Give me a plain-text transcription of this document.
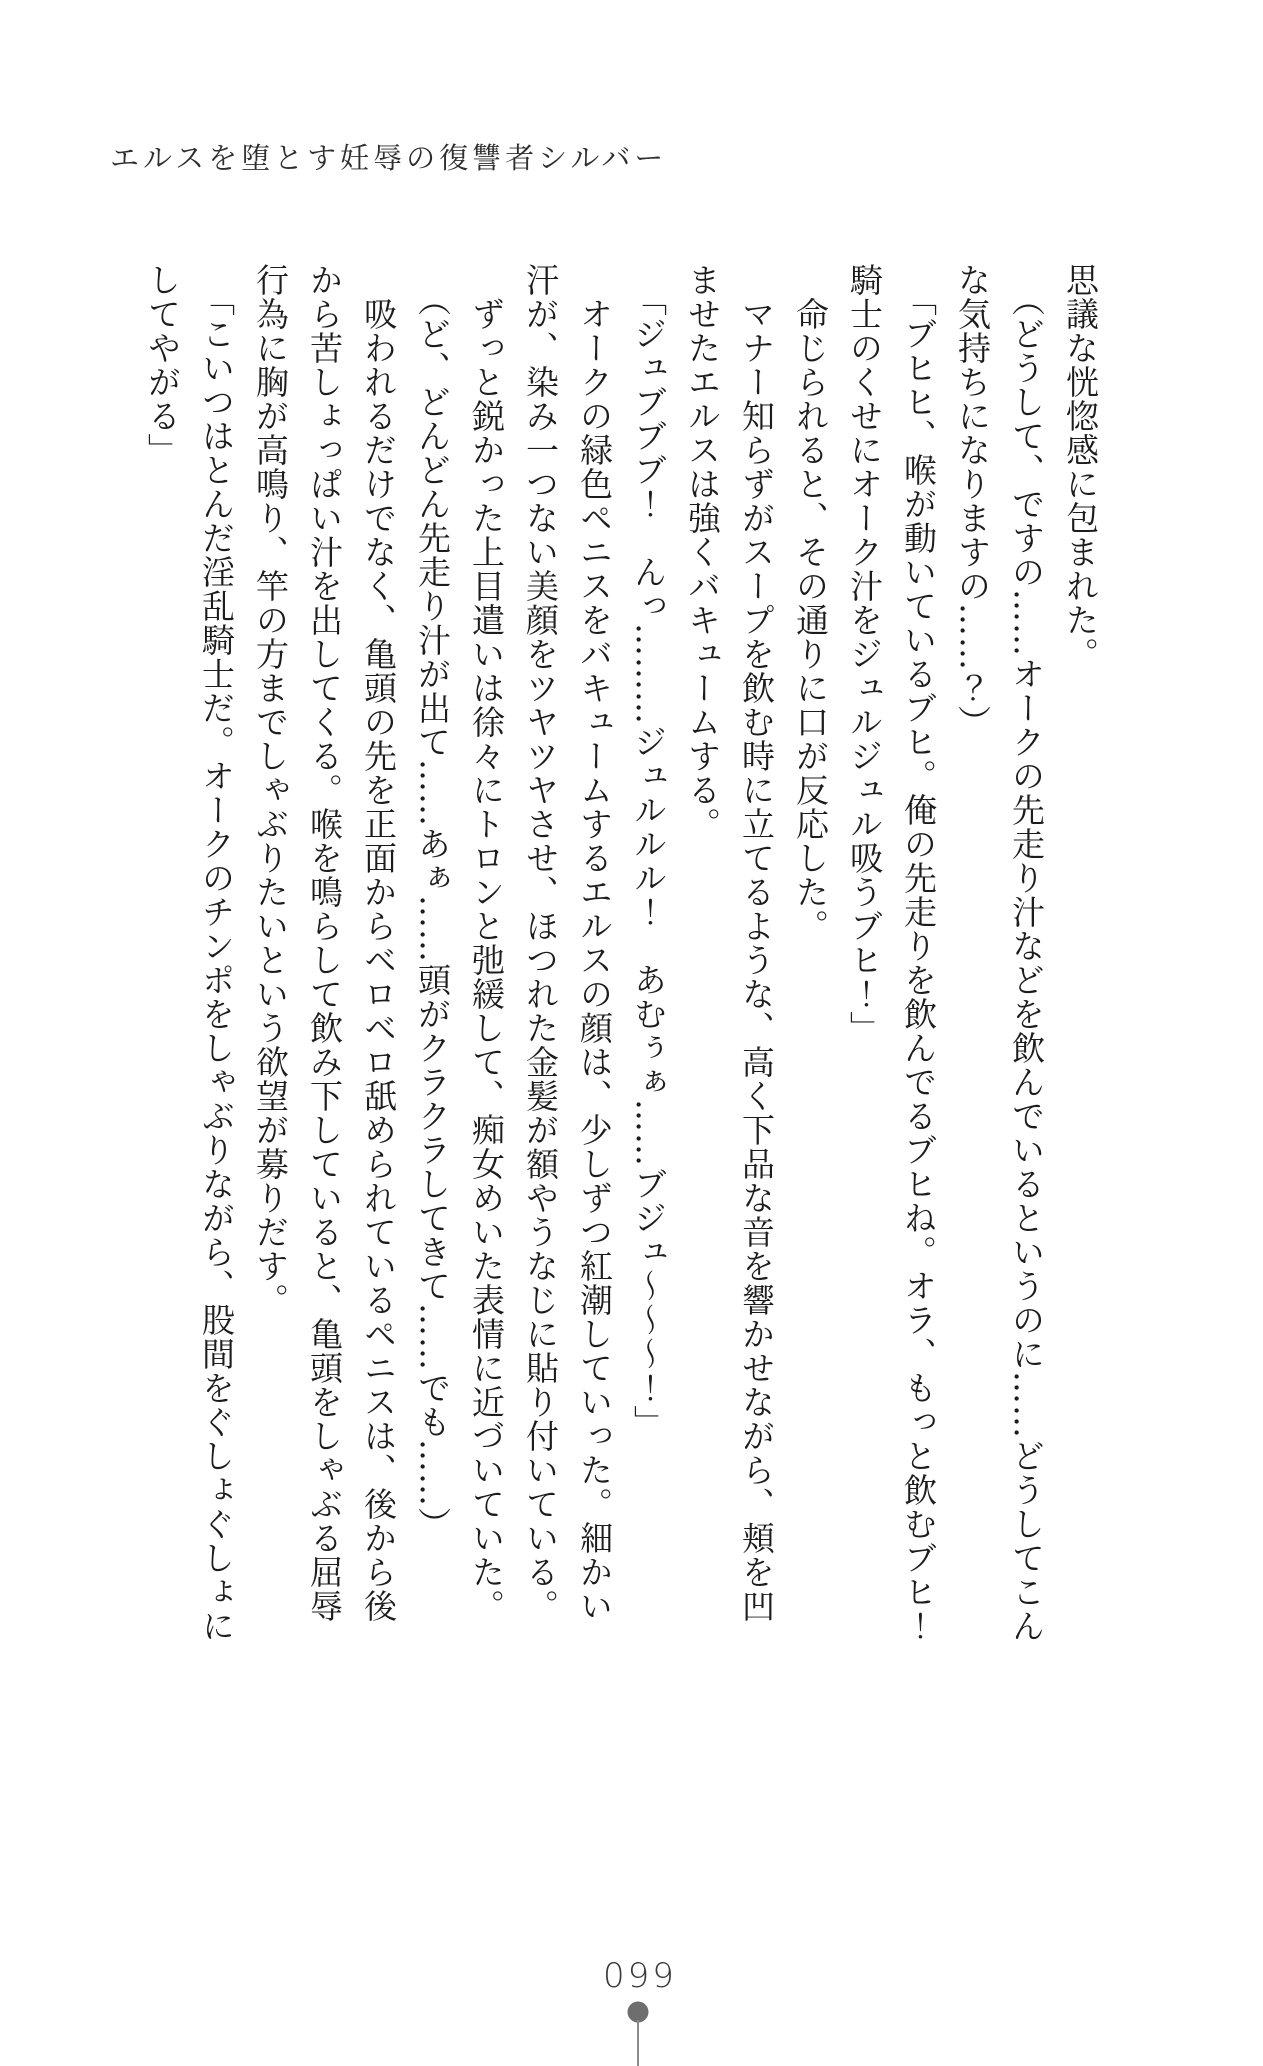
エルスを堕とす妊辱の復讐者シルバー
思議な恍惚感に包まれた。
（どうして、ですの……オークの先走り汁などを飲んでいるというのに……どうしてこん
な気持ちになりますの……？）
「ブヒヒ、喉が動いているブヒ。俺の先走りを飲んでるブヒね。オラ、もっと飲むブヒ！
騎士のくせにオーク汁をジュルジュル吸うブヒ！」
命じられると、その通りに口が反応した。
マナー知らずがスープを飲む時に立てるような、高く下品な音を響かせながら、頬を凹
ませたエルスは強くバキュームする。
「ジュブブブ！　んっ………ジュルルル！　あむぅぁ……ブジュ～～～！」
オークの緑色ペニスをバキュームするエルスの顔は、少しずつ紅潮していった。細かい
汗が、染み一つない美顔をツヤツヤさせ、ほつれた金髪が額やうなじに貼り付いている。
ずっと鋭かった上目遣いは徐々にトロンと弛緩して、痴女めいた表情に近づいていた。
（ど、どんどん先走り汁が出て……あぁ……頭がクラクラしてきて……でも……）
吸われるだけでなく、亀頭の先を正面からベロベロ舐められているペニスは、後から後
から苦しょっぱい汁を出してくる。喉を鳴らして飲み下していると、亀頭をしゃぶる屈辱
行為に胸が高鳴り、竿の方までしゃぶりたいという欲望が募りだす。
「こいつはとんだ淫乱騎士だ。オークのチンポをしゃぶりながら、股間をぐしょぐしょに
してやがる」
099
